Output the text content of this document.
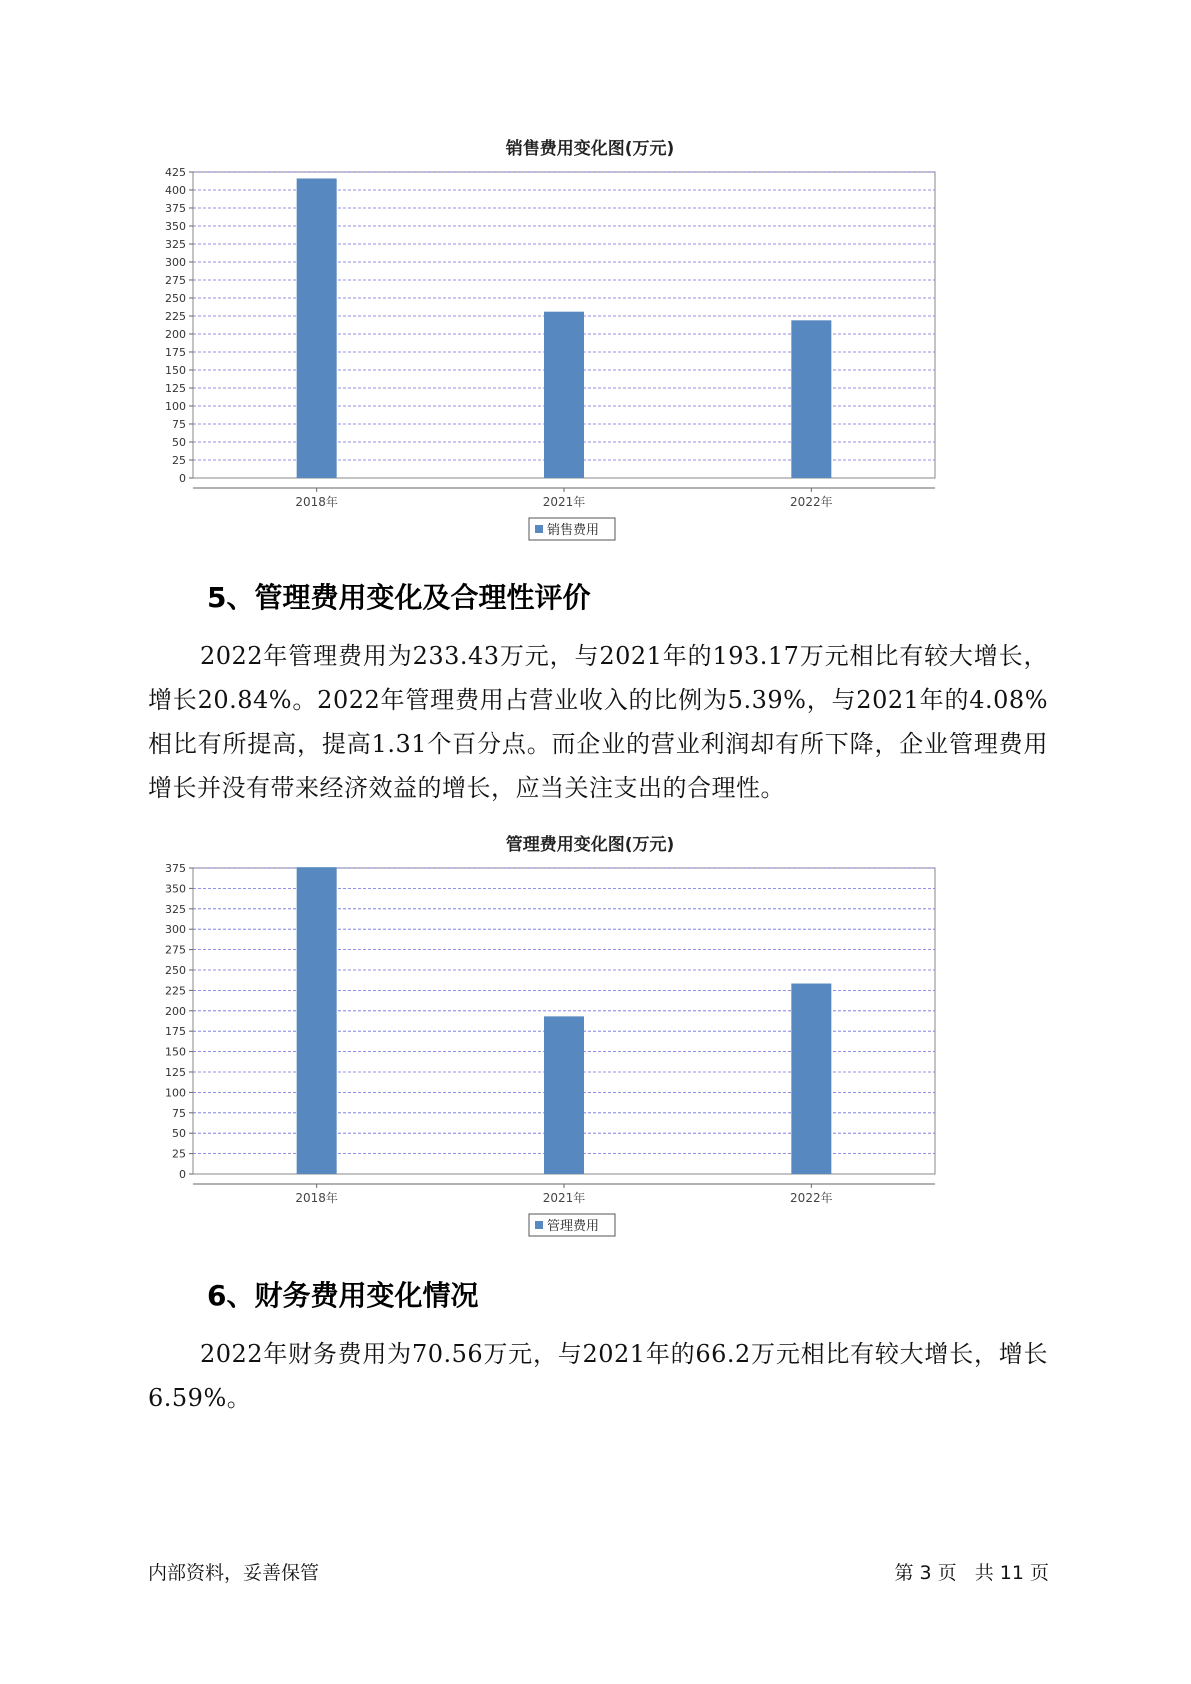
销售费用变化图(万元)
0
25
50
75
100
125
150
175
200
225
250
275
300
325
350
375
400
425
2018年	2021年	2022年
销售费用
5、管理费用变化及合理性评价
2022年管理费用为233.43万元，与2021年的193.17万元相比有较大增长，增长20.84%。2022年管理费用占营业收入的比例为5.39%，与2021年的4.08%相比有所提高，提高1.31个百分点。而企业的营业利润却有所下降，企业管理费用增长并没有带来经济效益的增长，应当关注支出的合理性。
管理费用变化图(万元)
0
25
50
75
100
125
150
175
200
225
250
275
300
325
350
375
2018年	2021年	2022年
管理费用
6、财务费用变化情况
2022年财务费用为70.56万元，与2021年的66.2万元相比有较大增长，增长6.59%。
内部资料，妥善保管	第 3 页   共 11 页
